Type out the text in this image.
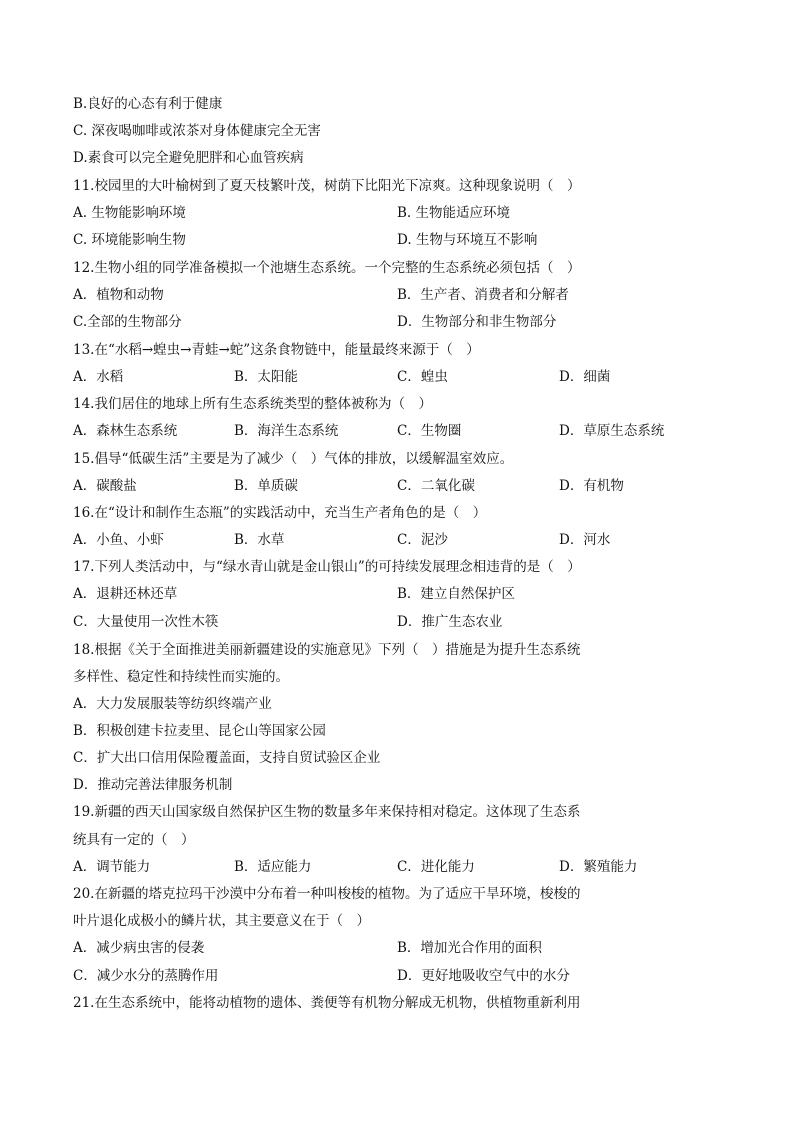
B.良好的心态有利于健康
C. 深夜喝咖啡或浓茶对身体健康完全无害
D.素食可以完全避免肥胖和心血管疾病
11.校园里的大叶榆树到了夏天枝繁叶茂，树荫下比阳光下凉爽。这种现象说明（　）
A. 生物能影响环境	B. 生物能适应环境
C. 环境能影响生物	D. 生物与环境互不影响
12.生物小组的同学准备模拟一个池塘生态系统。一个完整的生态系统必须包括（　）
A．植物和动物	B．生产者、消费者和分解者
C.全部的生物部分	D．生物部分和非生物部分
13.在“水稻→蝗虫→青蛙→蛇”这条食物链中，能量最终来源于（　）
A．水稻	B．太阳能	C．蝗虫	D．细菌
14.我们居住的地球上所有生态系统类型的整体被称为（　）
A．森林生态系统	B．海洋生态系统	C．生物圈	D．草原生态系统
15.倡导“低碳生活”主要是为了减少（　）气体的排放，以缓解温室效应。
A．碳酸盐	B．单质碳	C．二氧化碳	D．有机物
16.在“设计和制作生态瓶”的实践活动中，充当生产者角色的是（　）
A．小鱼、小虾	B．水草	C．泥沙	D．河水
17.下列人类活动中，与“绿水青山就是金山银山”的可持续发展理念相违背的是（　）
A．退耕还林还草	B．建立自然保护区
C．大量使用一次性木筷	D．推广生态农业
18.根据《关于全面推进美丽新疆建设的实施意见》下列（　）措施是为提升生态系统
多样性、稳定性和持续性而实施的。
A．大力发展服装等纺织终端产业
B．积极创建卡拉麦里、昆仑山等国家公园
C．扩大出口信用保险覆盖面，支持自贸试验区企业
D．推动完善法律服务机制
19.新疆的西天山国家级自然保护区生物的数量多年来保持相对稳定。这体现了生态系
统具有一定的（　）
A．调节能力	B．适应能力	C．进化能力	D．繁殖能力
20.在新疆的塔克拉玛干沙漠中分布着一种叫梭梭的植物。为了适应干旱环境，梭梭的
叶片退化成极小的鳞片状，其主要意义在于（　）
A．减少病虫害的侵袭	B．增加光合作用的面积
C．减少水分的蒸腾作用	D．更好地吸收空气中的水分
21.在生态系统中，能将动植物的遗体、粪便等有机物分解成无机物，供植物重新利用
